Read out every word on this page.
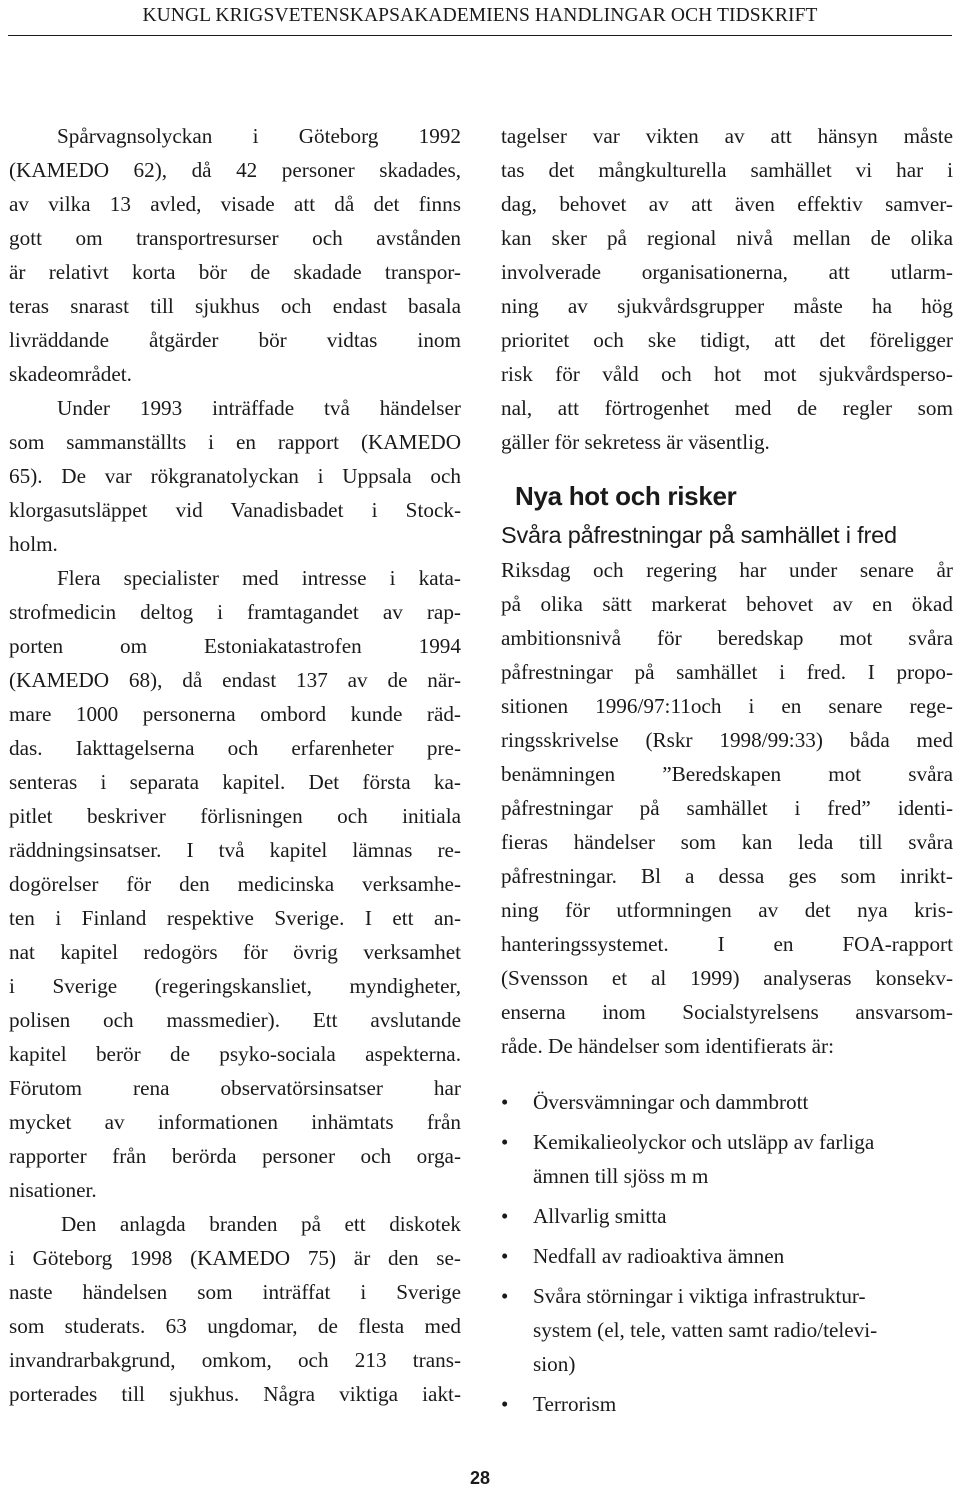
KUNGL KRIGSVETENSKAPSAKADEMIENS HANDLINGAR OCH TIDSKRIFT
Spårvagnsolyckan i Göteborg 1992
(KAMEDO 62), då 42 personer skadades,
av vilka 13 avled, visade att då det finns
gott om transportresurser och avstånden
är relativt korta bör de skadade transpor-
teras snarast till sjukhus och endast basala
livräddande åtgärder bör vidtas inom
skadeområdet.
Under 1993 inträffade två händelser
som sammanställts i en rapport (KAMEDO
65). De var rökgranatolyckan i Uppsala och
klorgasutsläppet vid Vanadisbadet i Stock-
holm.
Flera specialister med intresse i kata-
strofmedicin deltog i framtagandet av rap-
porten om Estoniakatastrofen 1994
(KAMEDO 68), då endast 137 av de när-
mare 1000 personerna ombord kunde räd-
das. Iakttagelserna och erfarenheter pre-
senteras i separata kapitel. Det första ka-
pitlet beskriver förlisningen och initiala
räddningsinsatser. I två kapitel lämnas re-
dogörelser för den medicinska verksamhe-
ten i Finland respektive Sverige. I ett an-
nat kapitel redogörs för övrig verksamhet
i Sverige (regeringskansliet, myndigheter,
polisen och massmedier). Ett avslutande
kapitel berör de psyko-sociala aspekterna.
Förutom rena observatörsinsatser har
mycket av informationen inhämtats från
rapporter från berörda personer och orga-
nisationer.
Den anlagda branden på ett diskotek
i Göteborg 1998 (KAMEDO 75) är den se-
naste händelsen som inträffat i Sverige
som studerats. 63 ungdomar, de flesta med
invandrarbakgrund, omkom, och 213 trans-
porterades till sjukhus. Några viktiga iakt-
tagelser var vikten av att hänsyn måste
tas det mångkulturella samhället vi har i
dag, behovet av att även effektiv samver-
kan sker på regional nivå mellan de olika
involverade organisationerna, att utlarm-
ning av sjukvårdsgrupper måste ha hög
prioritet och ske tidigt, att det föreligger
risk för våld och hot mot sjukvårdsperso-
nal, att förtrogenhet med de regler som
gäller för sekretess är väsentlig.
Nya hot och risker
Svåra påfrestningar på samhället i fred
Riksdag och regering har under senare år
på olika sätt markerat behovet av en ökad
ambitionsnivå för beredskap mot svåra
påfrestningar på samhället i fred. I propo-
sitionen 1996/97:11och i en senare rege-
ringsskrivelse (Rskr 1998/99:33) båda med
benämningen ”Beredskapen mot svåra
påfrestningar på samhället i fred” identi-
fieras händelser som kan leda till svåra
påfrestningar. Bl a dessa ges som inrikt-
ning för utformningen av det nya kris-
hanteringssystemet. I en FOA-rapport
(Svensson et al 1999) analyseras konsekv-
enserna inom Socialstyrelsens ansvarsom-
råde. De händelser som identifierats är:
•	Översvämningar och dammbrott
•	Kemikalieolyckor och utsläpp av farliga
ämnen till sjöss m m
•	Allvarlig smitta
•	Nedfall av radioaktiva ämnen
•	Svåra störningar i viktiga infrastruktur-
system (el, tele, vatten samt radio/televi-
sion)
•	Terrorism
28
